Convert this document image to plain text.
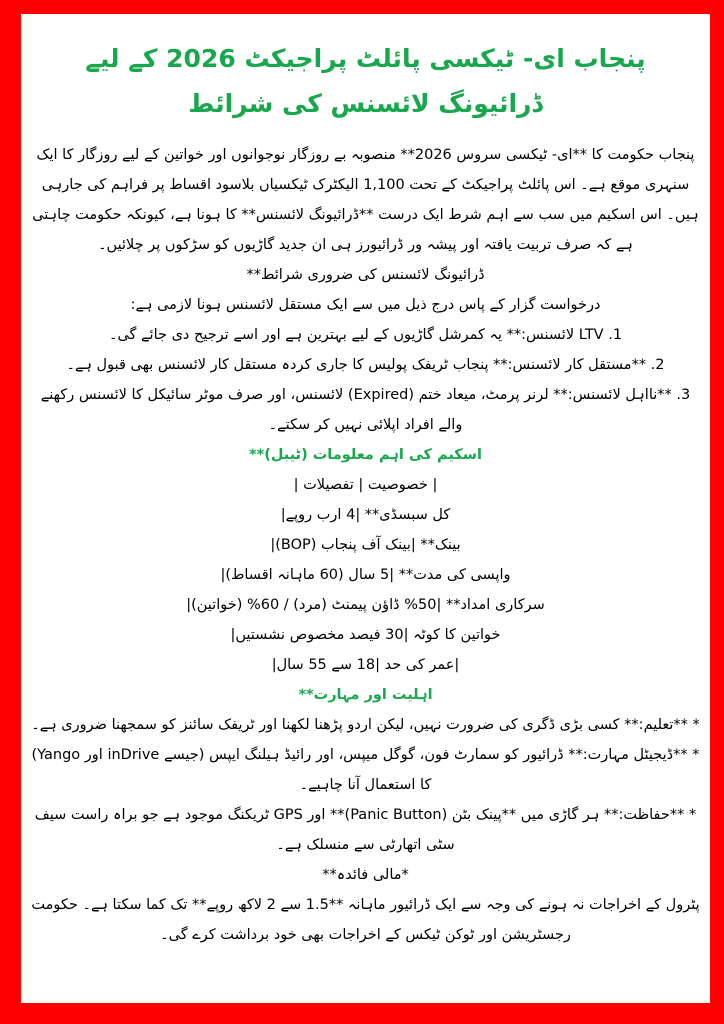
پنجاب ای- ٹیکسی پائلٹ پراجیکٹ 2026 کے لیے ڈرائیونگ لائسنس کی شرائط

پنجاب حکومت کا **ای- ٹیکسی سروس 2026** منصوبہ بے روزگار نوجوانوں اور خواتین کے لیے روزگار کا ایک سنہری موقع ہے۔ اس پائلٹ پراجیکٹ کے تحت 1,100 الیکٹرک ٹیکسیاں بلاسود اقساط پر فراہم کی جارہی ہیں۔ اس اسکیم میں سب سے اہم شرط ایک درست **ڈرائیونگ لائسنس** کا ہونا ہے، کیونکہ حکومت چاہتی ہے کہ صرف تربیت یافتہ اور پیشہ ور ڈرائیورز ہی ان جدید گاڑیوں کو سڑکوں پر چلائیں۔

ڈرائیونگ لائسنس کی ضروری شرائط**

درخواست گزار کے پاس درج ذیل میں سے ایک مستقل لائسنس ہونا لازمی ہے:

1. LTV لائسنس:** یہ کمرشل گاڑیوں کے لیے بہترین ہے اور اسے ترجیح دی جائے گی۔

2. **مستقل کار لائسنس:** پنجاب ٹریفک پولیس کا جاری کردہ مستقل کار لائسنس بھی قبول ہے۔

3. **نااہل لائسنس:** لرنر پرمٹ، میعاد ختم (Expired) لائسنس، اور صرف موٹر سائیکل کا لائسنس رکھنے والے افراد اپلائی نہیں کر سکتے۔

اسکیم کی اہم معلومات (ٹیبل)**

| خصوصیت | تفصیلات |

کل سبسڈی** |4 ارب روپے|

بینک** |بینک آف پنجاب (BOP)|

واپسی کی مدت** |5 سال (60 ماہانہ اقساط)|

سرکاری امداد** |50% ڈاؤن پیمنٹ (مرد) / 60% (خواتین)|

خواتین کا کوٹہ |30 فیصد مخصوص نشستیں|

|عمر کی حد |18 سے 55 سال|

اہلیت اور مہارت**

* **تعلیم:** کسی بڑی ڈگری کی ضرورت نہیں، لیکن اردو پڑھنا لکھنا اور ٹریفک سائنز کو سمجھنا ضروری ہے۔

* **ڈیجیٹل مہارت:** ڈرائیور کو سمارٹ فون، گوگل میپس، اور رائیڈ ہیلنگ ایپس (جیسے inDrive اور Yango) کا استعمال آنا چاہیے۔

* **حفاظت:** ہر گاڑی میں **پینک بٹن (Panic Button)** اور GPS ٹریکنگ موجود ہے جو براہ راست سیف سٹی اتھارٹی سے منسلک ہے۔

*مالی فائدہ**

پٹرول کے اخراجات نہ ہونے کی وجہ سے ایک ڈرائیور ماہانہ **1.5 سے 2 لاکھ روپے** تک کما سکتا ہے۔ حکومت رجسٹریشن اور ٹوکن ٹیکس کے اخراجات بھی خود برداشت کرے گی۔
